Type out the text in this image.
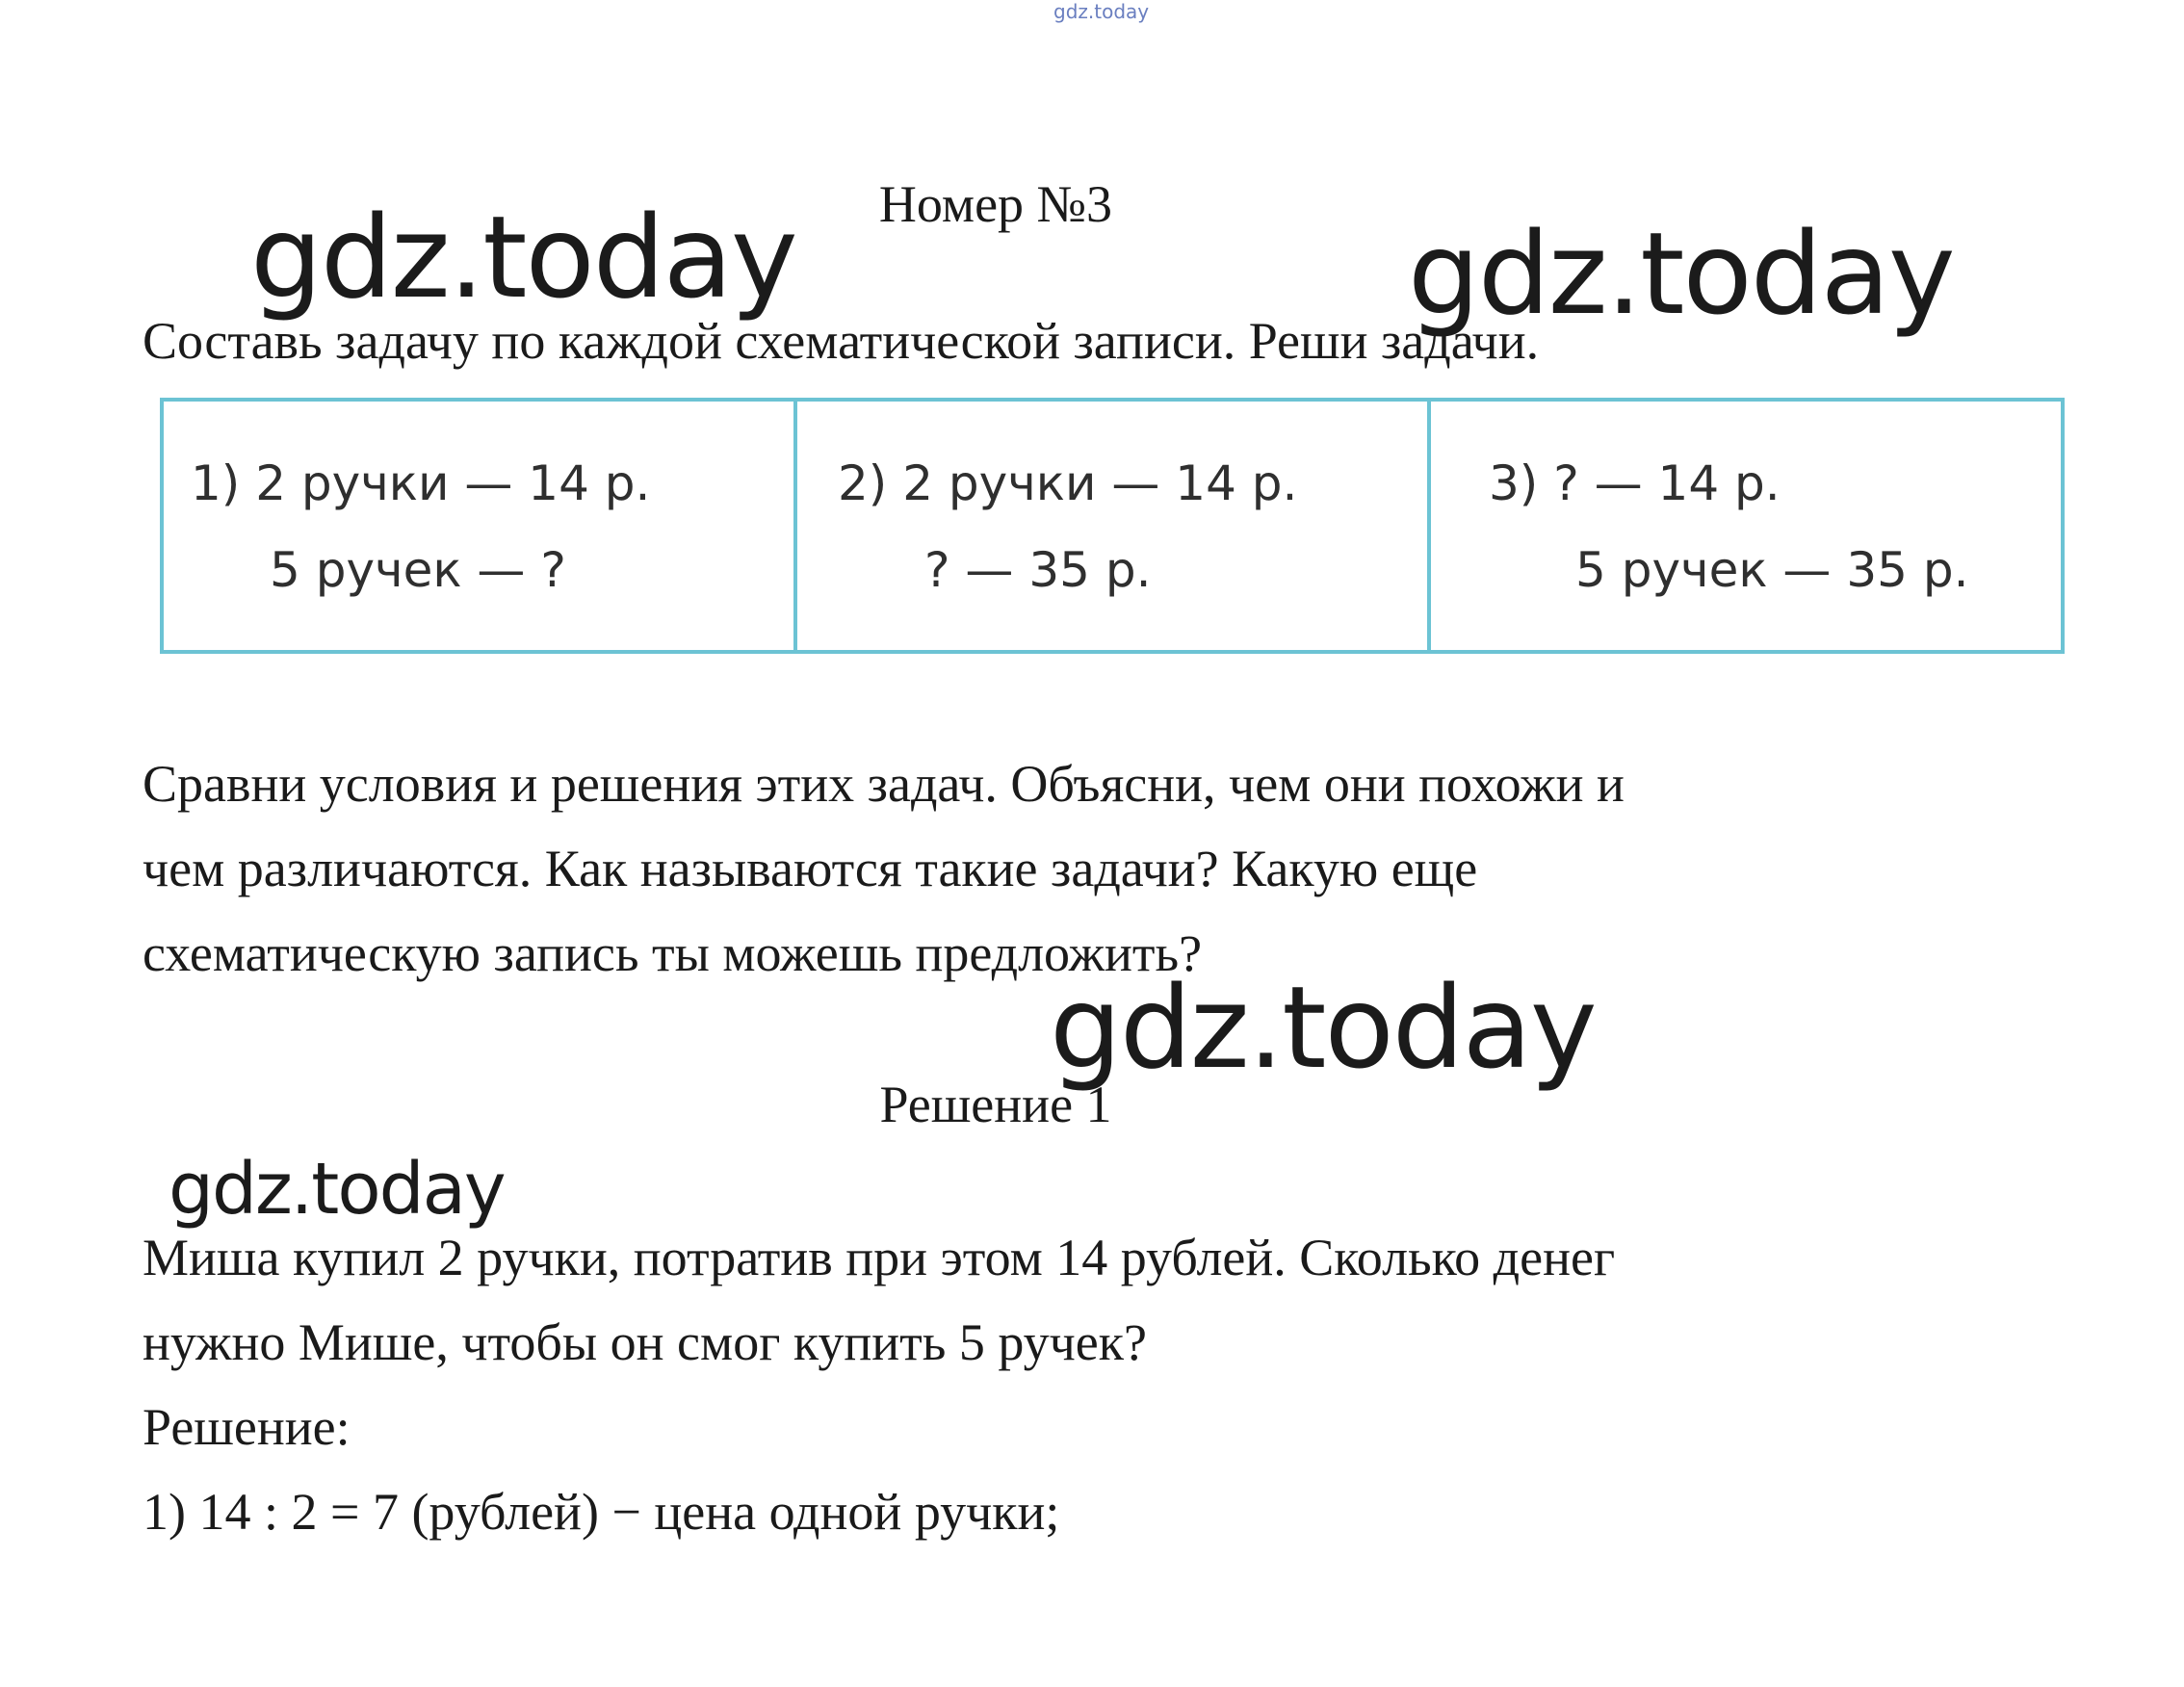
gdz.today
gdz.today	gdz.today
gdz.today
gdz.today
Номер №3
Составь задачу по каждой схематической записи. Реши задачи.
1) 2 ручки — 14 р.
5 ручек — ?
2) 2 ручки — 14 р.
? — 35 р.
3) ? — 14 р.
5 ручек — 35 р.
Сравни условия и решения этих задач. Объясни, чем они похожи и
чем различаются. Как называются такие задачи? Какую еще
схематическую запись ты можешь предложить?
Решение 1
Миша купил 2 ручки, потратив при этом 14 рублей. Сколько денег
нужно Мише, чтобы он смог купить 5 ручек?
Решение:
1) 14 : 2 = 7 (рублей) − цена одной ручки;
